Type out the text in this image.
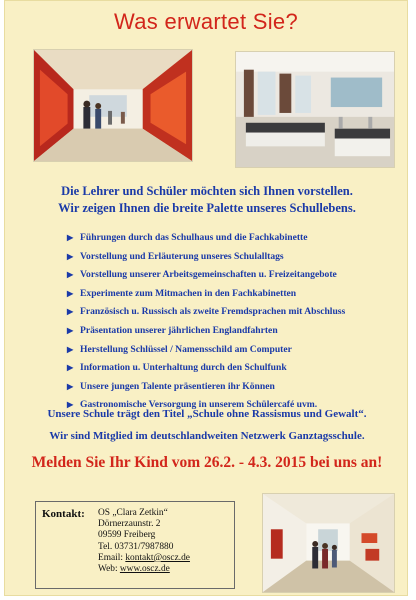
Was erwartet Sie?
Die Lehrer und Schüler möchten sich Ihnen vorstellen.
Wir zeigen Ihnen die breite Palette unseres Schullebens.
▶ Führungen durch das Schulhaus und die Fachkabinette
▶ Vorstellung und Erläuterung unseres Schulalltags
▶ Vorstellung unserer Arbeitsgemeinschaften u. Freizeitangebote
▶ Experimente zum Mitmachen in den Fachkabinetten
▶ Französisch u. Russisch als zweite Fremdsprachen mit Abschluss
▶ Präsentation unserer jährlichen Englandfahrten
▶ Herstellung Schlüssel / Namensschild am Computer
▶ Information u. Unterhaltung durch den Schulfunk
▶ Unsere jungen Talente präsentieren ihr Können
▶ Gastronomische Versorgung in unserem Schülercafé uvm.
Unsere Schule trägt den Titel „Schule ohne Rassismus und Gewalt“.
Wir sind Mitglied im deutschlandweiten Netzwerk Ganztagsschule.
Melden Sie Ihr Kind vom 26.2. - 4.3. 2015 bei uns an!
Kontakt: OS „Clara Zetkin“
Dörnerzaunstr. 2
09599 Freiberg
Tel. 03731/7987880
Email: kontakt@oscz.de
Web: www.oscz.de
